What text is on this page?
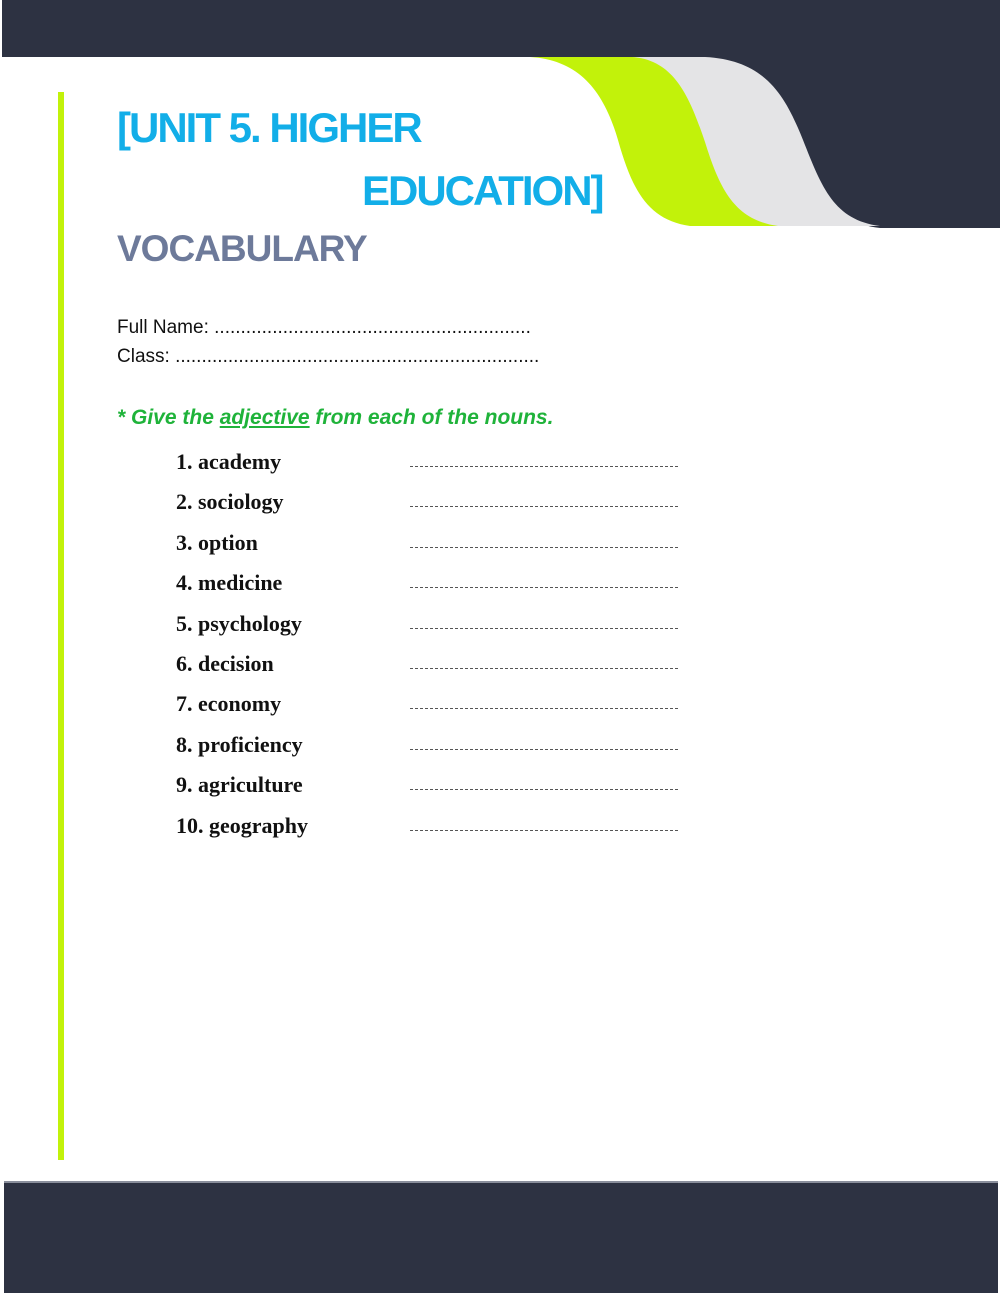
[UNIT 5. HIGHER
EDUCATION]
VOCABULARY
Full Name: ............................................................
Class: .....................................................................
* Give the adjective from each of the nouns.
1. academy
2. sociology
3. option
4. medicine
5. psychology
6. decision
7. economy
8. proficiency
9. agriculture
10. geography
